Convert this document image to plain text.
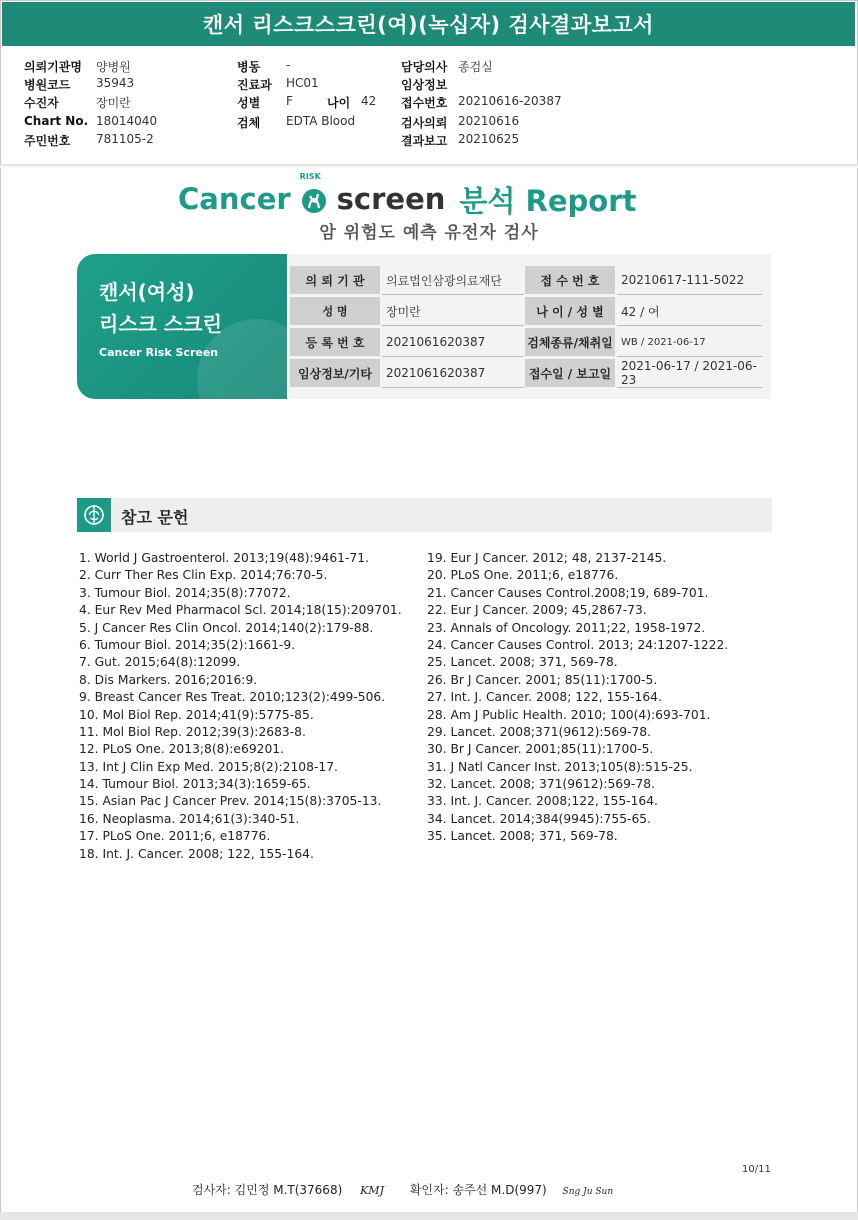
캔서 리스크스크린(여)(녹십자) 검사결과보고서
의뢰기관명 양병원
병원코드 35943
수진자	장미란
Chart No. 18014040
주민번호 781105-2
병동 -
진료과 HC01
성별 F
검체 EDTA Blood
나이 42
담당의사 종검실
임상정보
접수번호 20210616-20387
검사의뢰 20210616
결과보고 20210625
Cancer
RISK
screen 분석 Report
암 위험도 예측 유전자 검사
캔서(여성)
리스크 스크린
Cancer Risk Screen
의 뢰 기 관	의료법인삼광의료재단	접 수 번 호	20210617-111-5022
성 명	장미란	나 이 / 성 별	42 / 여
등 록 번 호	2021061620387	검체종류/채취일 WB / 2021-06-17
임상정보/기타	2021061620387	접수일 / 보고일
2021-06-17 / 2021-06-23
참고 문헌
1. World J Gastroenterol. 2013;19(48):9461-71.
2. Curr Ther Res Clin Exp. 2014;76:70-5.
3. Tumour Biol. 2014;35(8):77072.
4. Eur Rev Med Pharmacol Scl. 2014;18(15):209701.
5. J Cancer Res Clin Oncol. 2014;140(2):179-88.
6. Tumour Biol. 2014;35(2):1661-9.
7. Gut. 2015;64(8):12099.
8. Dis Markers. 2016;2016:9.
9. Breast Cancer Res Treat. 2010;123(2):499-506.
10. Mol Biol Rep. 2014;41(9):5775-85.
11. Mol Biol Rep. 2012;39(3):2683-8.
12. PLoS One. 2013;8(8):e69201.
13. Int J Clin Exp Med. 2015;8(2):2108-17.
14. Tumour Biol. 2013;34(3):1659-65.
15. Asian Pac J Cancer Prev. 2014;15(8):3705-13.
16. Neoplasma. 2014;61(3):340-51.
17. PLoS One. 2011;6, e18776.
18. Int. J. Cancer. 2008; 122, 155-164.
19. Eur J Cancer. 2012; 48, 2137-2145.
20. PLoS One. 2011;6, e18776.
21. Cancer Causes Control.2008;19, 689-701.
22. Eur J Cancer. 2009; 45,2867-73.
23. Annals of Oncology. 2011;22, 1958-1972.
24. Cancer Causes Control. 2013; 24:1207-1222.
25. Lancet. 2008; 371, 569-78.
26. Br J Cancer. 2001; 85(11):1700-5.
27. Int. J. Cancer. 2008; 122, 155-164.
28. Am J Public Health. 2010; 100(4):693-701.
29. Lancet. 2008;371(9612):569-78.
30. Br J Cancer. 2001;85(11):1700-5.
31. J Natl Cancer Inst. 2013;105(8):515-25.
32. Lancet. 2008; 371(9612):569-78.
33. Int. J. Cancer. 2008;122, 155-164.
34. Lancet. 2014;384(9945):755-65.
35. Lancet. 2008; 371, 569-78.
10/11
검사자: 김민정 M.T(37668) KMJ 확인자: 송주선 M.D(997) Sng Ju Sun
